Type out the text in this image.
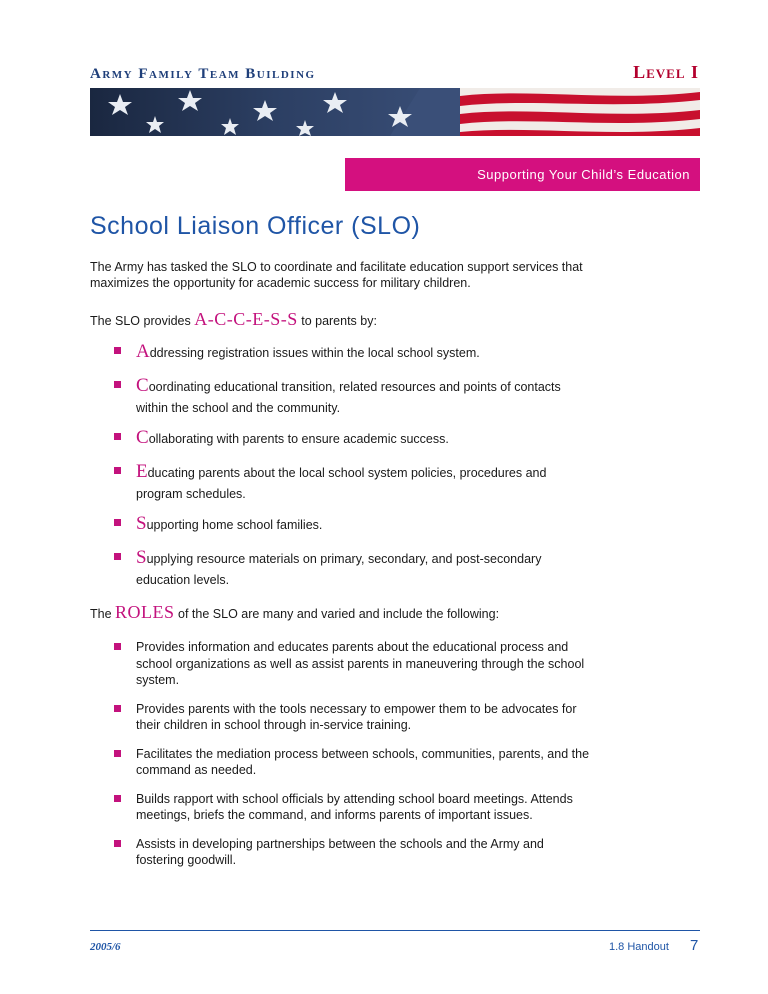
Army Family Team Building	Level I
Supporting Your Child’s Education
School Liaison Officer (SLO)

The Army has tasked the SLO to coordinate and facilitate education support services that maximizes the opportunity for academic success for military children.

The SLO provides A-C-C-E-S-S to parents by:

Addressing registration issues within the local school system.
Coordinating educational transition, related resources and points of contacts within the school and the community.
Collaborating with parents to ensure academic success.
Educating parents about the local school system policies, procedures and program schedules.
Supporting home school families.
Supplying resource materials on primary, secondary, and post-secondary education levels.

The ROLES of the SLO are many and varied and include the following:

Provides information and educates parents about the educational process and school organizations as well as assist parents in maneuvering through the school system.
Provides parents with the tools necessary to empower them to be advocates for their children in school through in-service training.
Facilitates the mediation process between schools, communities, parents, and the command as needed.
Builds rapport with school officials by attending school board meetings. Attends meetings, briefs the command, and informs parents of important issues.
Assists in developing partnerships between the schools and the Army and fostering goodwill.
2005/6	1.8 Handout 7
